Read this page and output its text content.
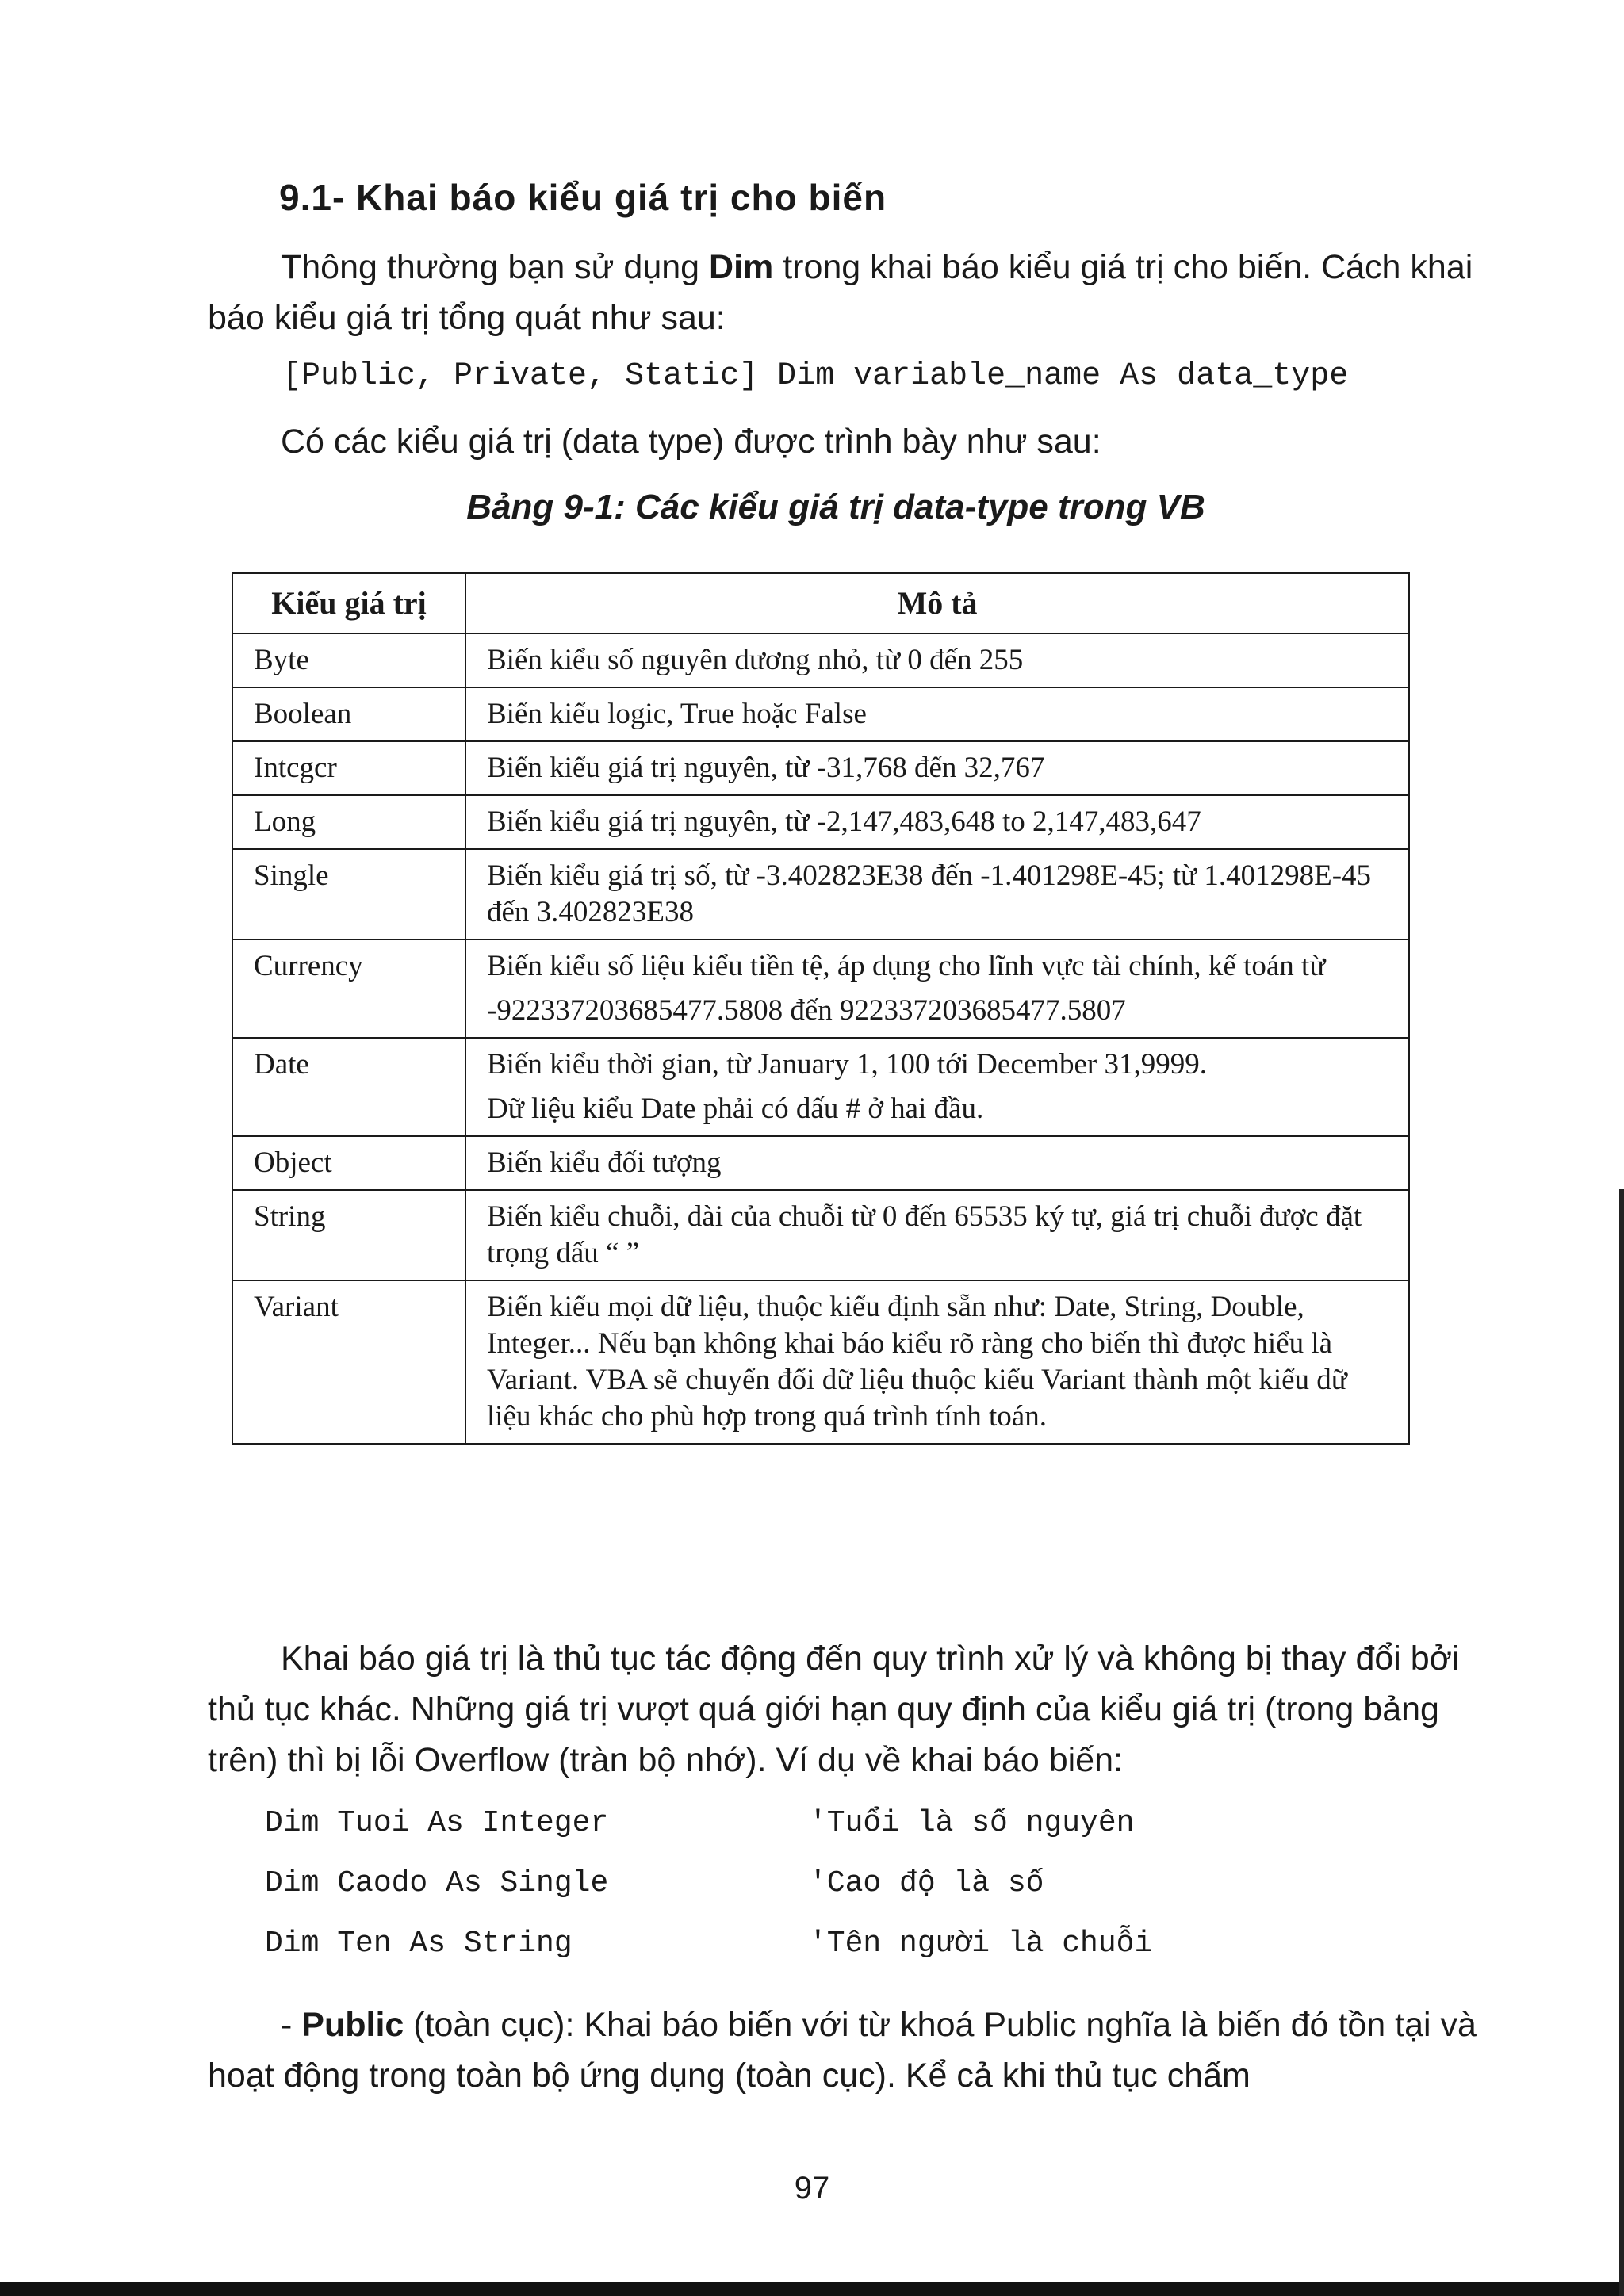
9.1- Khai báo kiểu giá trị cho biến

Thông thường bạn sử dụng Dim trong khai báo kiểu giá trị cho biến. Cách khai báo kiểu giá trị tổng quát như sau:

[Public, Private, Static] Dim variable_name As data_type

Có các kiểu giá trị (data type) được trình bày như sau:

Bảng 9-1: Các kiểu giá trị data-type trong VB

Kiểu giá trị	Mô tả
Byte	Biến kiểu số nguyên dương nhỏ, từ 0 đến 255

Boolean	Biến kiểu logic, True hoặc False

Intcgcr	Biến kiểu giá trị nguyên, từ -31,768 đến 32,767

Long	Biến kiểu giá trị nguyên, từ -2,147,483,648 to 2,147,483,647

Single	Biến kiểu giá trị số, từ -3.402823E38 đến -1.401298E-45; từ 1.401298E-45 đến 3.402823E38

Currency	Biến kiểu số liệu kiểu tiền tệ, áp dụng cho lĩnh vực tài chính, kế toán từ
-922337203685477.5808 đến 922337203685477.5807

Date	Biến kiểu thời gian, từ January 1, 100 tới December 31,9999.
Dữ liệu kiểu Date phải có dấu # ở hai đầu.

Object	Biến kiểu đối tượng

String	Biến kiểu chuỗi, dài của chuỗi từ 0 đến 65535 ký tự, giá trị chuỗi được đặt trọng dấu “ ”

Variant	Biến kiểu mọi dữ liệu, thuộc kiểu định sẵn như: Date, String, Double, Integer... Nếu bạn không khai báo kiểu rõ ràng cho biến thì được hiểu là Variant. VBA sẽ chuyển đổi dữ liệu thuộc kiểu Variant thành một kiểu dữ liệu khác cho phù hợp trong quá trình tính toán.

Khai báo giá trị là thủ tục tác động đến quy trình xử lý và không bị thay đổi bởi thủ tục khác. Những giá trị vượt quá giới hạn quy định của kiểu giá trị (trong bảng trên) thì bị lỗi Overflow (tràn bộ nhớ). Ví dụ về khai báo biến:

Dim Tuoi As Integer	'Tuổi là số nguyên
Dim Caodo As Single	'Cao độ là số
Dim Ten As String	'Tên người là chuỗi

- Public (toàn cục): Khai báo biến với từ khoá Public nghĩa là biến đó tồn tại và hoạt động trong toàn bộ ứng dụng (toàn cục). Kể cả khi thủ tục chấm

97
